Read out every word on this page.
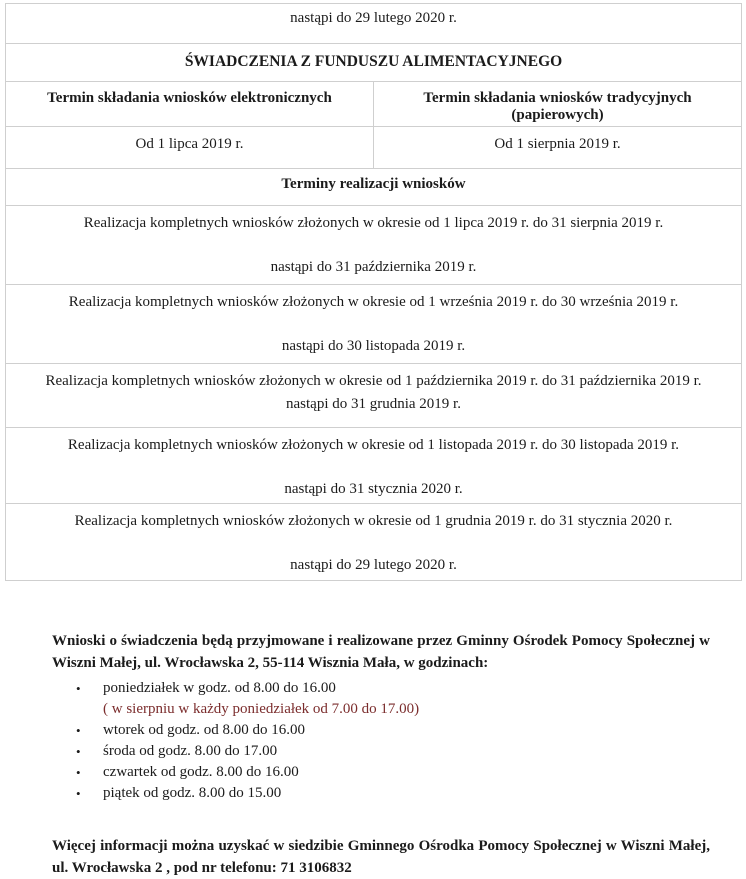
nastąpi do 29 lutego 2020 r.	
ŚWIADCZENIA Z FUNDUSZU ALIMENTACYJNEGO	
Termin składania wniosków elektronicznych	Termin składania wniosków tradycyjnych (papierowych)
Od 1 lipca 2019 r.	Od 1 sierpnia 2019 r.
Terminy realizacji wniosków	

Realizacja kompletnych wniosków złożonych w okresie od 1 lipca 2019 r. do 31 sierpnia 2019 r.
nastąpi do 31 października 2019 r.	

Realizacja kompletnych wniosków złożonych w okresie od 1 września 2019 r. do 30 września 2019 r.
nastąpi do 30 listopada 2019 r.	

Realizacja kompletnych wniosków złożonych w okresie od 1 października 2019 r. do 31 października 2019 r.
nastąpi do 31 grudnia 2019 r.	

Realizacja kompletnych wniosków złożonych w okresie od 1 listopada 2019 r. do 30 listopada 2019 r.
nastąpi do 31 stycznia 2020 r.	

Realizacja kompletnych wniosków złożonych w okresie od 1 grudnia 2019 r. do 31 stycznia 2020 r.
nastąpi do 29 lutego 2020 r.	

Wnioski o świadczenia będą przyjmowane i realizowane przez Gminny Ośrodek Pomocy Społecznej w Wiszni Małej, ul. Wrocławska 2, 55-114 Wisznia Mała, w godzinach:

• poniedziałek w godz. od 8.00 do 16.00
( w sierpniu w każdy poniedziałek od 7.00 do 17.00)
• wtorek od godz. od 8.00 do 16.00
• środa od godz. 8.00 do 17.00
• czwartek od godz. 8.00 do 16.00
• piątek od godz. 8.00 do 15.00

Więcej informacji można uzyskać w siedzibie Gminnego Ośrodka Pomocy Społecznej w Wiszni Małej, ul. Wrocławska 2 , pod nr telefonu: 71 3106832
